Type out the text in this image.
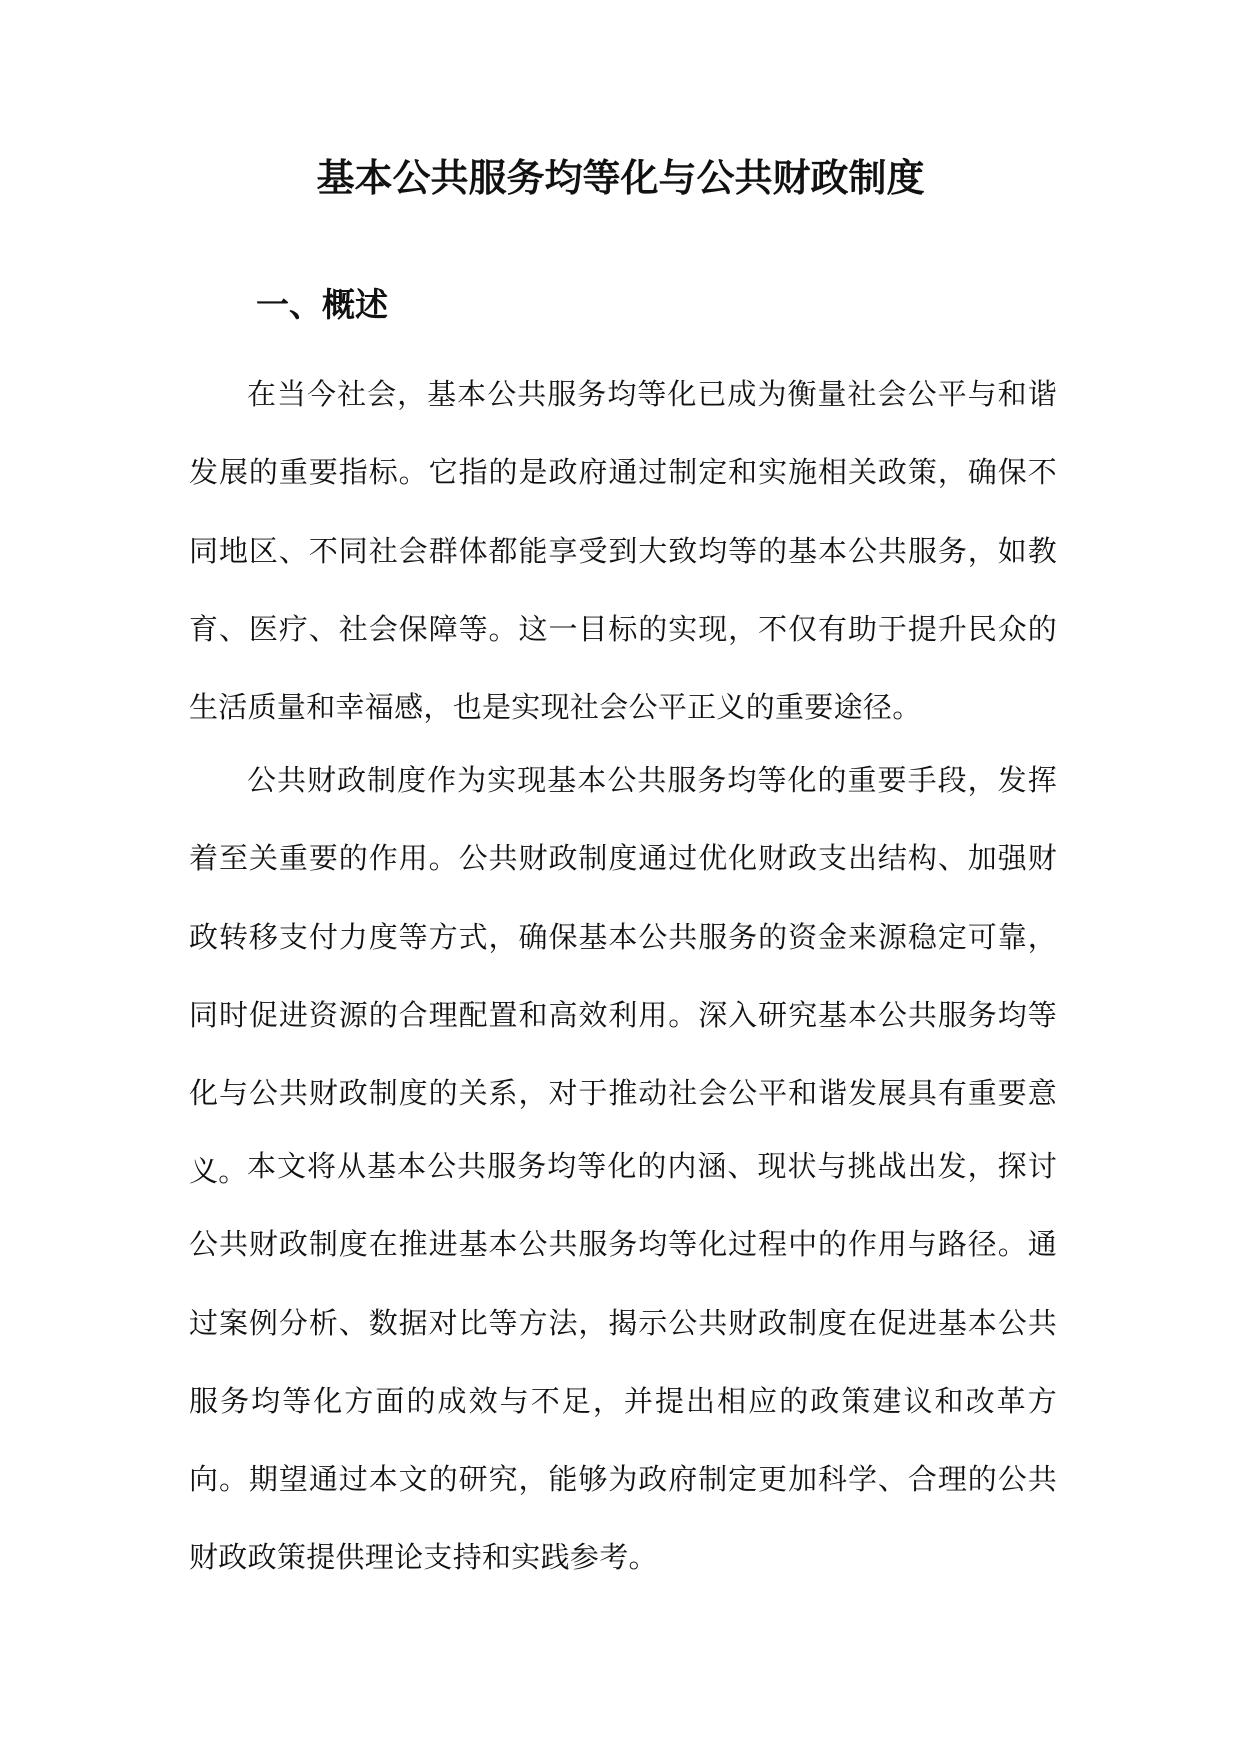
基本公共服务均等化与公共财政制度
一、概述

在当今社会，基本公共服务均等化已成为衡量社会公平与和谐发展的重要指标。它指的是政府通过制定和实施相关政策，确保不同地区、不同社会群体都能享受到大致均等的基本公共服务，如教育、医疗、社会保障等。这一目标的实现，不仅有助于提升民众的生活质量和幸福感，也是实现社会公平正义的重要途径。

公共财政制度作为实现基本公共服务均等化的重要手段，发挥着至关重要的作用。公共财政制度通过优化财政支出结构、加强财政转移支付力度等方式，确保基本公共服务的资金来源稳定可靠，同时促进资源的合理配置和高效利用。深入研究基本公共服务均等化与公共财政制度的关系，对于推动社会公平和谐发展具有重要意义。 本文将从基本公共服务均等化的内涵、现状与挑战出发，探讨公共财政制度在推进基本公共服务均等化过程中的作用与路径。通过案例分析、数据对比等方法，揭示公共财政制度在促进基本公共服务均等化方面的成效与不足，并提出相应的政策建议和改革方向。期望通过本文的研究，能够为政府制定更加科学、合理的公共财政政策提供理论支持和实践参考。
